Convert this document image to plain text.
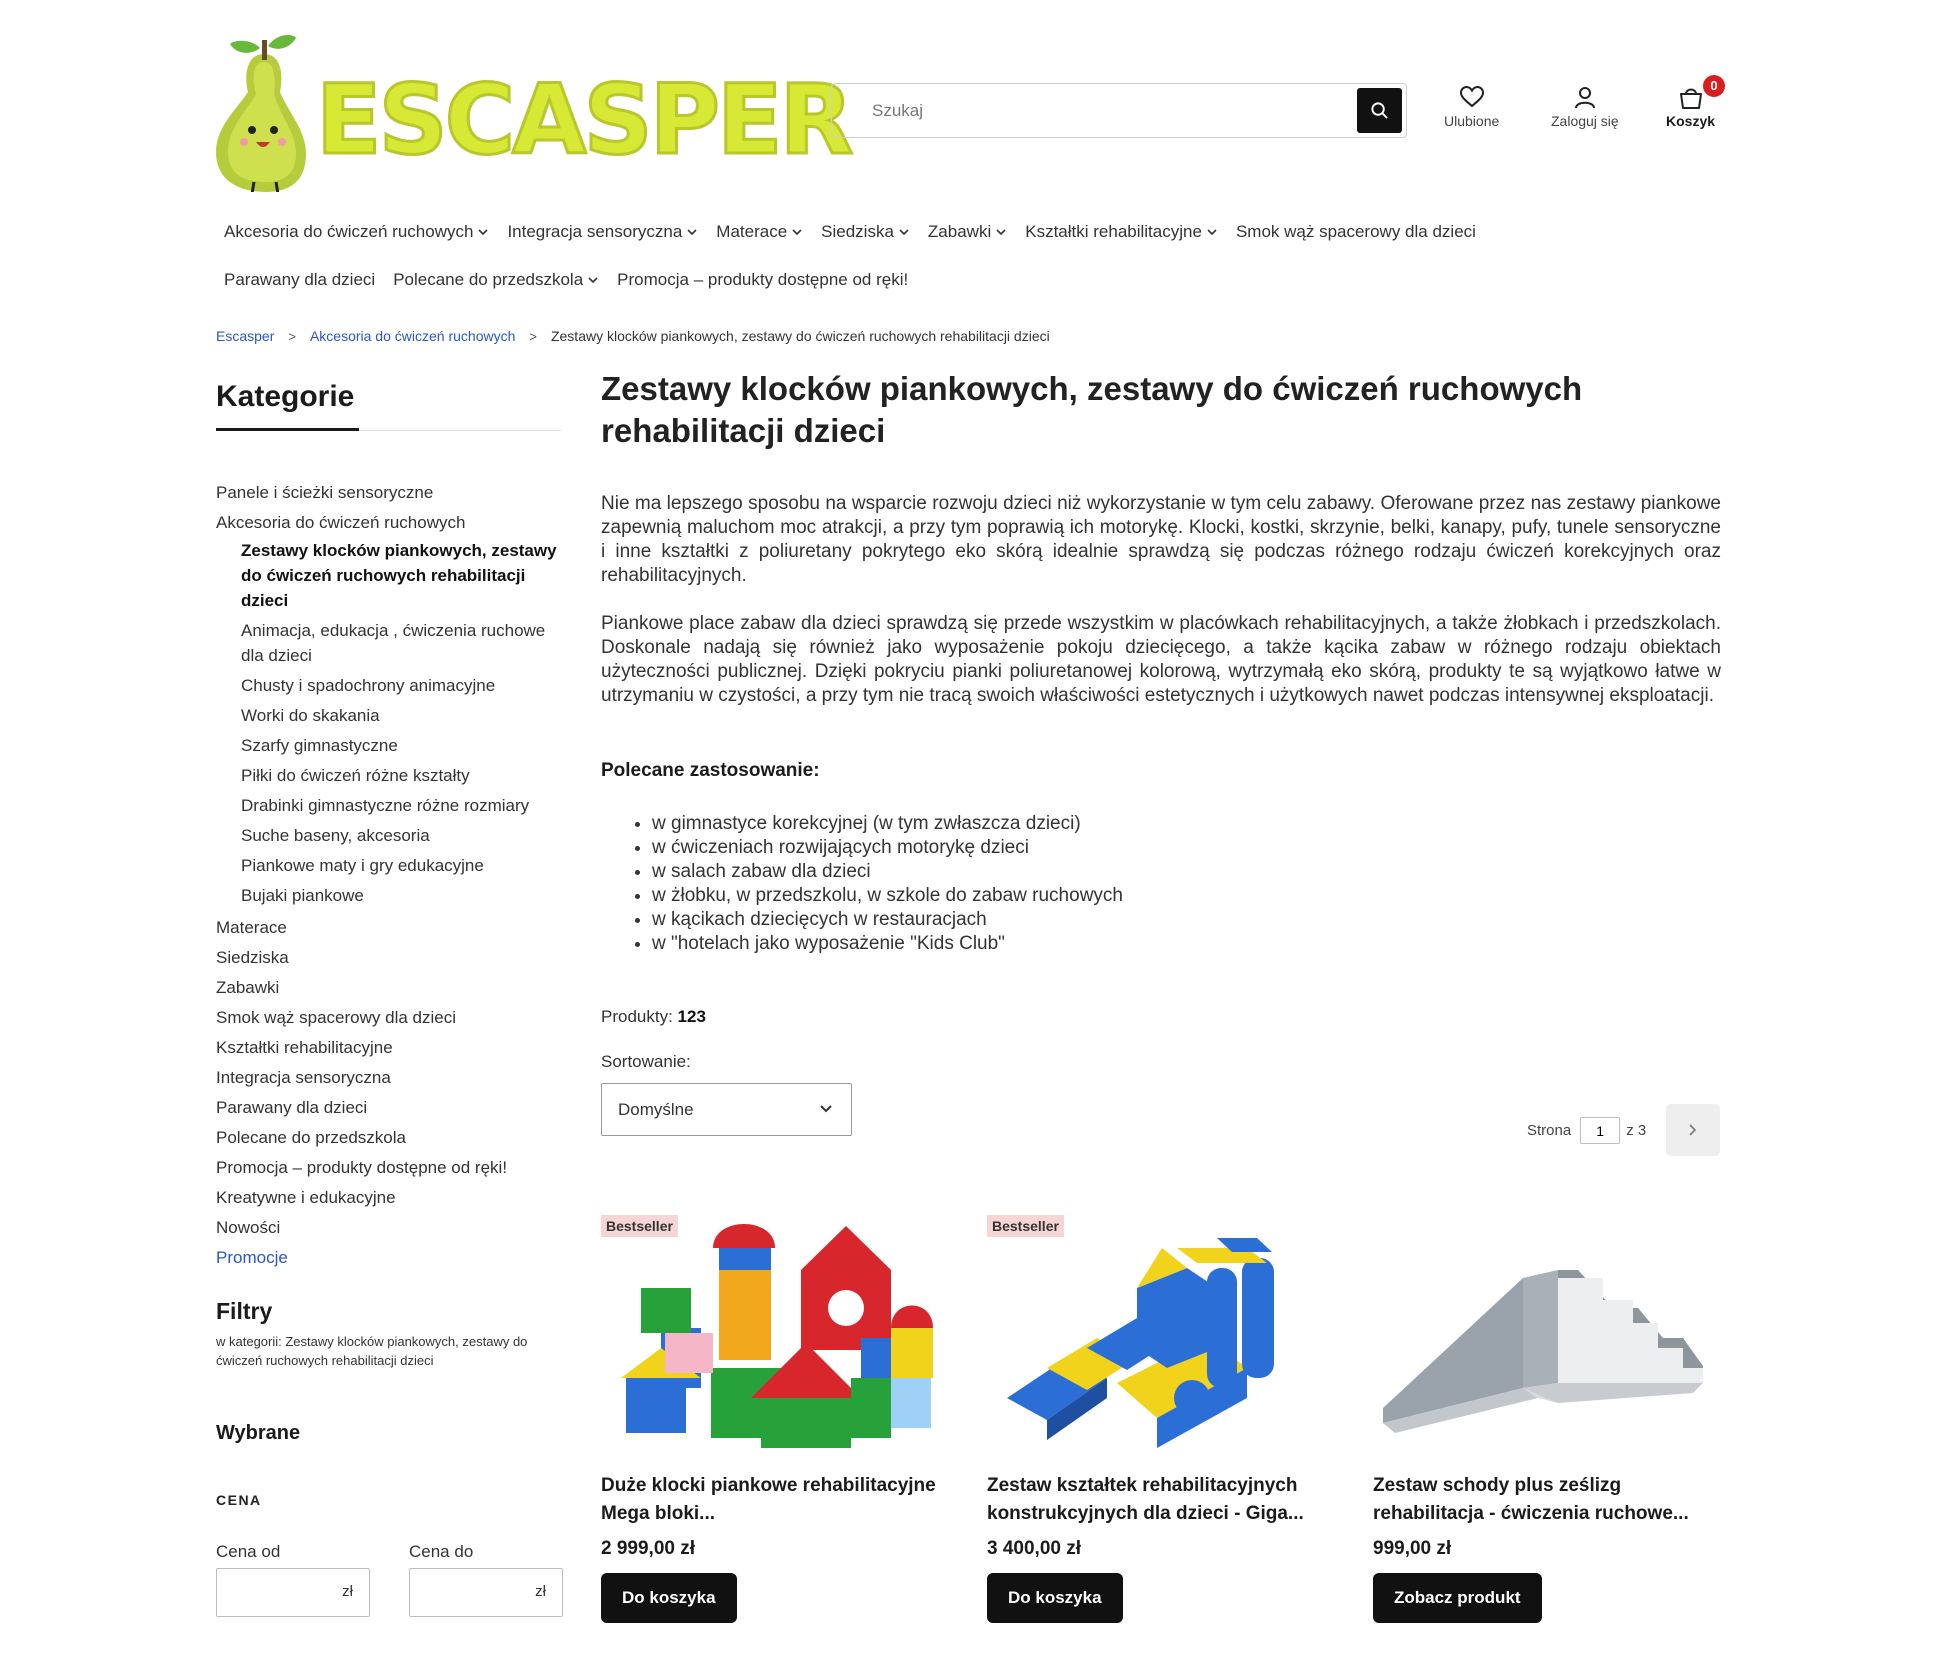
ESCASPER
Szukaj	Ulubione	Zaloguj się	Koszyk
0
Akcesoria do ćwiczeń ruchowych Integracja sensoryczna Materace Siedziska Zabawki Kształtki rehabilitacyjne Smok wąż spacerowy dla dzieci
Parawany dla dzieci Polecane do przedszkola Promocja – produkty dostępne od ręki!
Escasper > Akcesoria do ćwiczeń ruchowych > Zestawy klocków piankowych, zestawy do ćwiczeń ruchowych rehabilitacji dzieci
Kategorie
Panele i ścieżki sensoryczne
Akcesoria do ćwiczeń ruchowych
Zestawy klocków piankowych, zestawy do ćwiczeń ruchowych rehabilitacji dzieci
Animacja, edukacja , ćwiczenia ruchowe dla dzieci
Chusty i spadochrony animacyjne
Worki do skakania
Szarfy gimnastyczne
Piłki do ćwiczeń różne kształty
Drabinki gimnastyczne różne rozmiary
Suche baseny, akcesoria
Piankowe maty i gry edukacyjne
Bujaki piankowe
Materace
Siedziska
Zabawki
Smok wąż spacerowy dla dzieci
Kształtki rehabilitacyjne
Integracja sensoryczna
Parawany dla dzieci
Polecane do przedszkola
Promocja – produkty dostępne od ręki!
Kreatywne i edukacyjne
Nowości
Promocje
Filtry
w kategorii: Zestawy klocków piankowych, zestawy do ćwiczeń ruchowych rehabilitacji dzieci
Wybrane
CENA
Cena od	Cena do
zł	zł
Zestawy klocków piankowych, zestawy do ćwiczeń ruchowych rehabilitacji dzieci

Nie ma lepszego sposobu na wsparcie rozwoju dzieci niż wykorzystanie w tym celu zabawy. Oferowane przez nas zestawy piankowe zapewnią maluchom moc atrakcji, a przy tym poprawią ich motorykę. Klocki, kostki, skrzynie, belki, kanapy, pufy, tunele sensoryczne i inne kształtki z poliuretany pokrytego eko skórą idealnie sprawdzą się podczas różnego rodzaju ćwiczeń korekcyjnych oraz rehabilitacyjnych.

Piankowe place zabaw dla dzieci sprawdzą się przede wszystkim w placówkach rehabilitacyjnych, a także żłobkach i przedszkolach. Doskonale nadają się również jako wyposażenie pokoju dziecięcego, a także kącika zabaw w różnego rodzaju obiektach użyteczności publicznej. Dzięki pokryciu pianki poliuretanowej kolorową, wytrzymałą eko skórą, produkty te są wyjątkowo łatwe w utrzymaniu w czystości, a przy tym nie tracą swoich właściwości estetycznych i użytkowych nawet podczas intensywnej eksploatacji.

Polecane zastosowanie:
• w gimnastyce korekcyjnej (w tym zwłaszcza dzieci)
• w ćwiczeniach rozwijających motorykę dzieci
• w salach zabaw dla dzieci
• w żłobku, w przedszkolu, w szkole do zabaw ruchowych
• w kącikach dziecięcych w restauracjach
• w "hotelach jako wyposażenie "Kids Club"
Produkty: 123
Sortowanie:
Domyślne
Strona
1	z 3
Bestseller
Duże klocki piankowe rehabilitacyjne Mega bloki...
2 999,00 zł
Do koszyka
Bestseller
Zestaw kształtek rehabilitacyjnych konstrukcyjnych dla dzieci - Giga...
3 400,00 zł
Do koszyka
Zestaw schody plus ześlizg rehabilitacja - ćwiczenia ruchowe...
999,00 zł
Zobacz produkt
